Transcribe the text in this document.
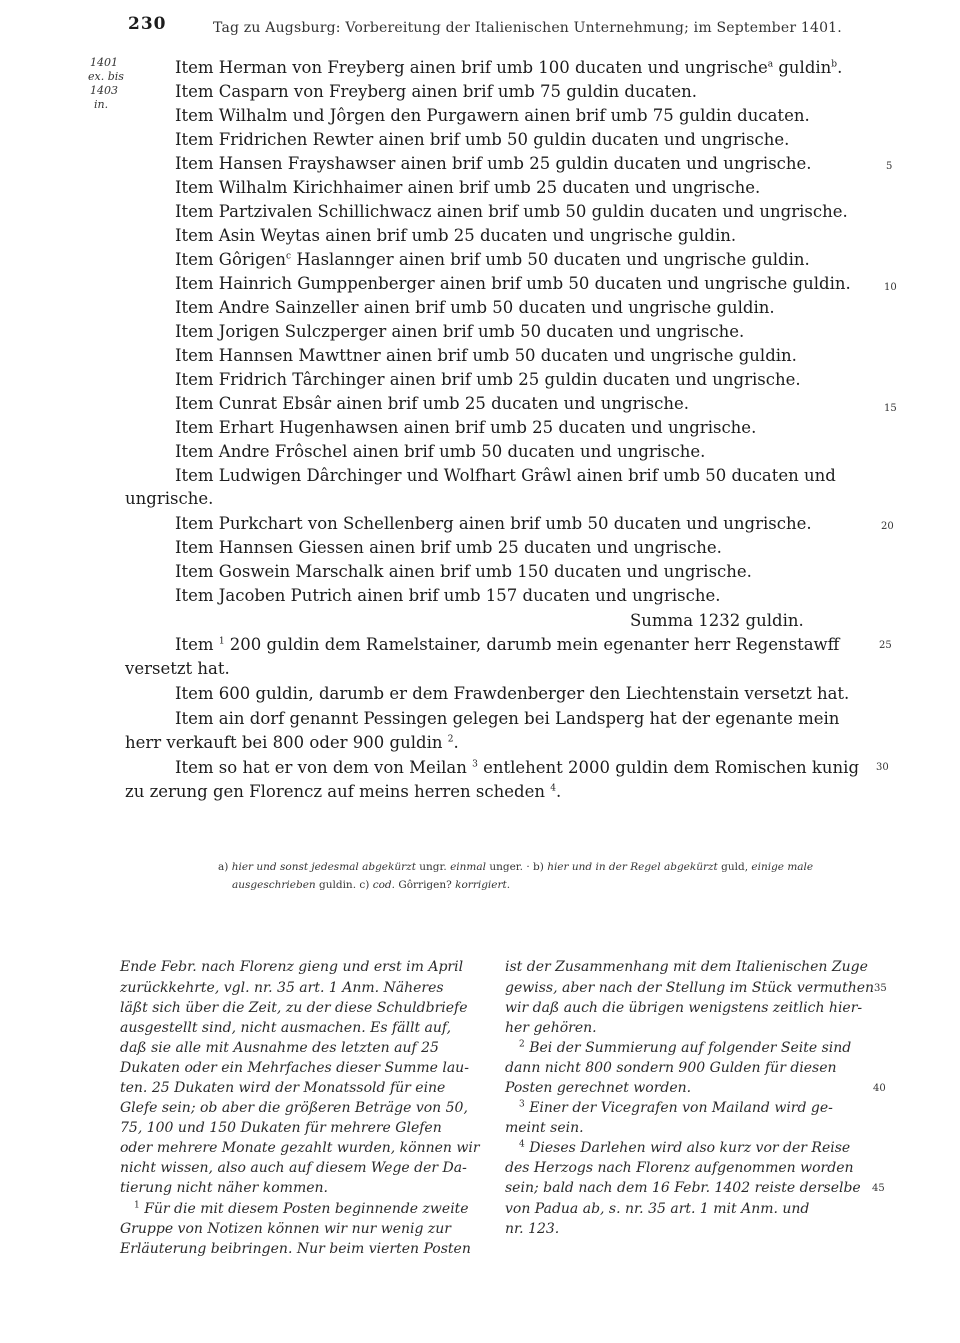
230	Tag zu Augsburg: Vorbereitung der Italienischen Unternehmung; im September 1401.
1401
ex. bis
1403
in.
Item Herman von Freyberg ainen brif umb 100 ducaten und ungrische$^a$ guldin$^b$.
Item Casparn von Freyberg ainen brif umb 75 guldin ducaten.
Item Wilhalm und Jôrgen den Purgawern ainen brif umb 75 guldin ducaten.
Item Fridrichen Rewter ainen brif umb 50 guldin ducaten und ungrische.
Item Hansen Frayshawser ainen brif umb 25 guldin ducaten und ungrische.
Item Wilhalm Kirichhaimer ainen brif umb 25 ducaten und ungrische.
Item Partzivalen Schillichwacz ainen brif umb 50 guldin ducaten und ungrische.
Item Asin Weytas ainen brif umb 25 ducaten und ungrische guldin.
Item Gôrigen$^c$ Haslannger ainen brif umb 50 ducaten und ungrische guldin.
Item Hainrich Gumppenberger ainen brif umb 50 ducaten und ungrische guldin.
Item Andre Sainzeller ainen brif umb 50 ducaten und ungrische guldin.
Item Jorigen Sulczperger ainen brif umb 50 ducaten und ungrische.
Item Hannsen Mawttner ainen brif umb 50 ducaten und ungrische guldin.
Item Fridrich Târchinger ainen brif umb 25 guldin ducaten und ungrische.
Item Cunrat Ebsâr ainen brif umb 25 ducaten und ungrische.
Item Erhart Hugenhawsen ainen brif umb 25 ducaten und ungrische.
Item Andre Frôschel ainen brif umb 50 ducaten und ungrische.
Item Ludwigen Dârchinger und Wolfhart Grâwl ainen brif umb 50 ducaten und
ungrische.
Item Purkchart von Schellenberg ainen brif umb 50 ducaten und ungrische.
Item Hannsen Giessen ainen brif umb 25 ducaten und ungrische.
Item Goswein Marschalk ainen brif umb 150 ducaten und ungrische.
Item Jacoben Putrich ainen brif umb 157 ducaten und ungrische.
Summa 1232 guldin.
Item $^1$ 200 guldin dem Ramelstainer, darumb mein egenanter herr Regenstawff
versetzt hat.
Item 600 guldin, darumb er dem Frawdenberger den Liechtenstain versetzt hat.
Item ain dorf genannt Pessingen gelegen bei Landsperg hat der egenante mein
herr verkauft bei 800 oder 900 guldin $^2$.
Item so hat er von dem von Meilan $^3$ entlehent 2000 guldin dem Romischen kunig
zu zerung gen Florencz auf meins herren scheden $^4$.
5
10
15
20
25
30
a) hier und sonst jedesmal abgekürzt ungr. einmal unger. · b) hier und in der Regel abgekürzt guld, einige male
ausgeschrieben guldin. c) cod. Gôrrigen? korrigiert.
Ende Febr. nach Florenz gieng und erst im April
zurückkehrte, vgl. nr. 35 art. 1 Anm. Näheres
läßt sich über die Zeit, zu der diese Schuldbriefe
ausgestellt sind, nicht ausmachen. Es fällt auf,
daß sie alle mit Ausnahme des letzten auf 25
Dukaten oder ein Mehrfaches dieser Summe lau-
ten. 25 Dukaten wird der Monatssold für eine
Glefe sein; ob aber die größeren Beträge von 50,
75, 100 und 150 Dukaten für mehrere Glefen
oder mehrere Monate gezahlt wurden, können wir
nicht wissen, also auch auf diesem Wege der Da-
tierung nicht näher kommen.
$^1$ Für die mit diesem Posten beginnende zweite
Gruppe von Notizen können wir nur wenig zur
Erläuterung beibringen. Nur beim vierten Posten
ist der Zusammenhang mit dem Italienischen Zuge
gewiss, aber nach der Stellung im Stück vermuthen
wir daß auch die übrigen wenigstens zeitlich hier-
her gehören.
$^2$ Bei der Summierung auf folgender Seite sind
dann nicht 800 sondern 900 Gulden für diesen
Posten gerechnet worden.
$^3$ Einer der Vicegrafen von Mailand wird ge-
meint sein.
$^4$ Dieses Darlehen wird also kurz vor der Reise
des Herzogs nach Florenz aufgenommen worden
sein; bald nach dem 16 Febr. 1402 reiste derselbe
von Padua ab, s. nr. 35 art. 1 mit Anm. und
nr. 123.
35
40
45
